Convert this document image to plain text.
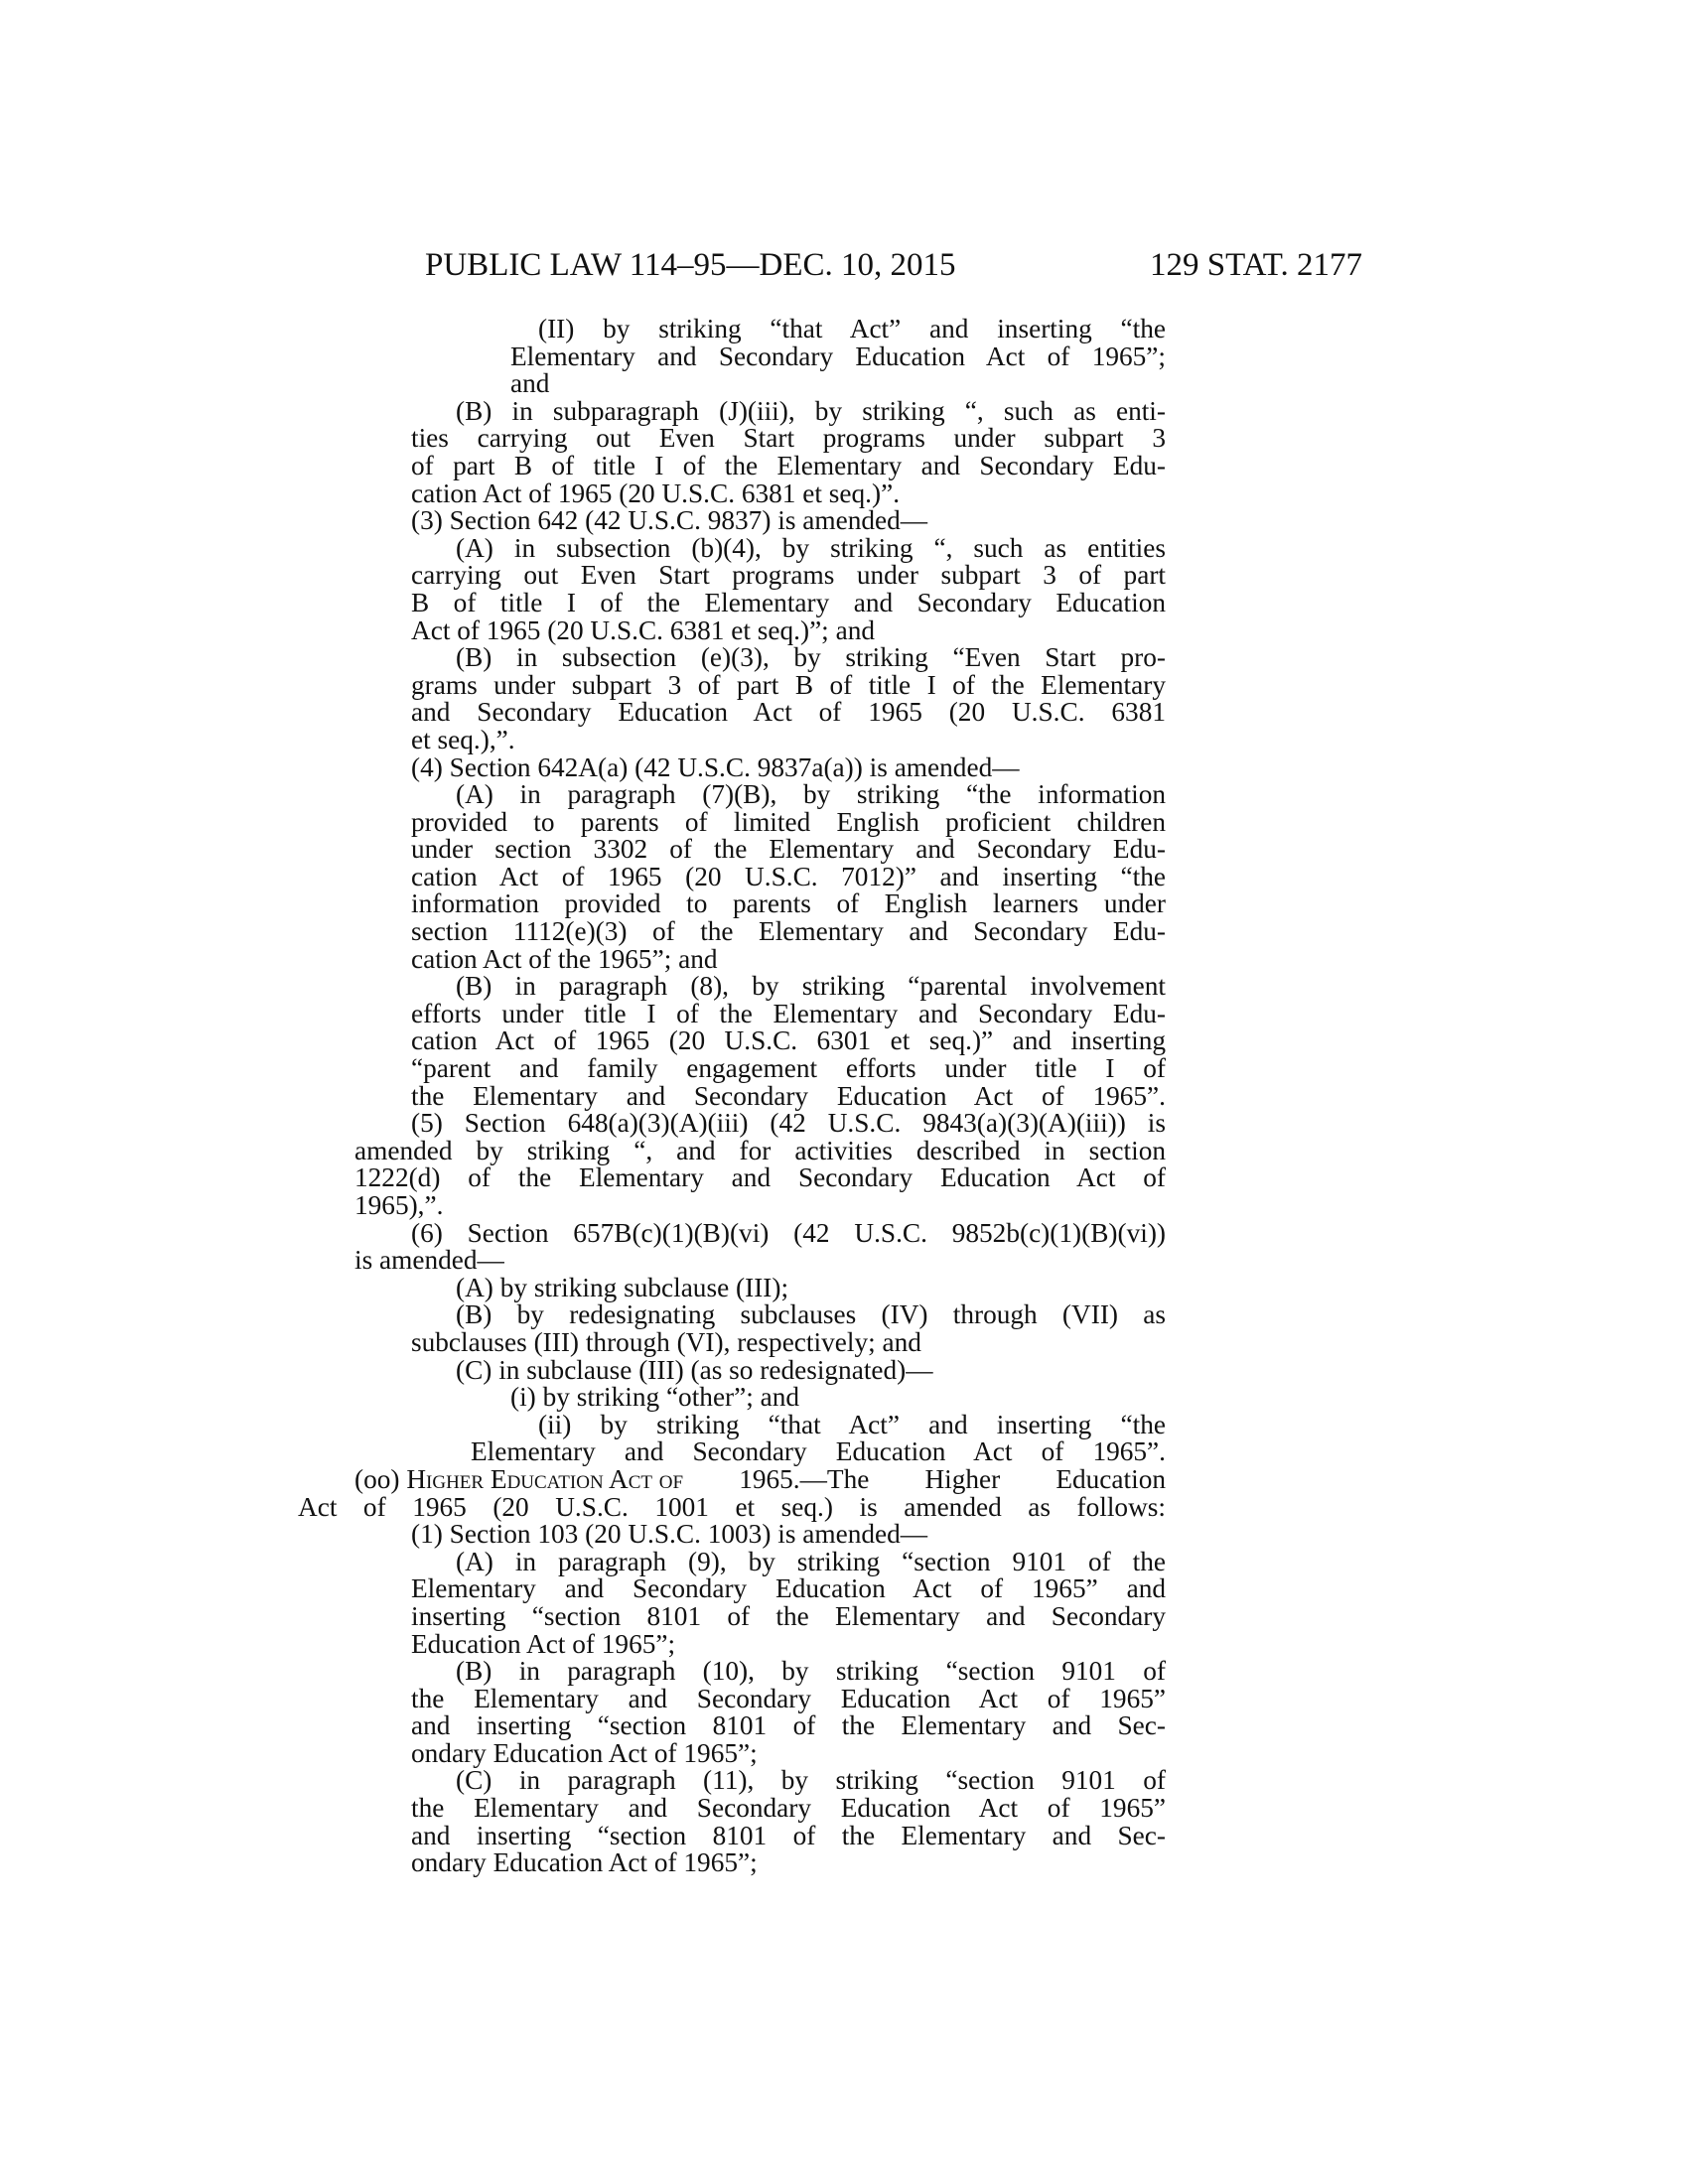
PUBLIC LAW 114–95—DEC. 10, 2015	129 STAT. 2177
(II) by striking “that Act” and inserting “the
Elementary and Secondary Education Act of 1965”;
and
(B) in subparagraph (J)(iii), by striking “, such as enti-
ties carrying out Even Start programs under subpart 3
of part B of title I of the Elementary and Secondary Edu-
cation Act of 1965 (20 U.S.C. 6381 et seq.)”.
(3) Section 642 (42 U.S.C. 9837) is amended—
(A) in subsection (b)(4), by striking “, such as entities
carrying out Even Start programs under subpart 3 of part
B of title I of the Elementary and Secondary Education
Act of 1965 (20 U.S.C. 6381 et seq.)”; and
(B) in subsection (e)(3), by striking “Even Start pro-
grams under subpart 3 of part B of title I of the Elementary
and Secondary Education Act of 1965 (20 U.S.C. 6381
et seq.),”.
(4) Section 642A(a) (42 U.S.C. 9837a(a)) is amended—
(A) in paragraph (7)(B), by striking “the information
provided to parents of limited English proficient children
under section 3302 of the Elementary and Secondary Edu-
cation Act of 1965 (20 U.S.C. 7012)” and inserting “the
information provided to parents of English learners under
section 1112(e)(3) of the Elementary and Secondary Edu-
cation Act of the 1965”; and
(B) in paragraph (8), by striking “parental involvement
efforts under title I of the Elementary and Secondary Edu-
cation Act of 1965 (20 U.S.C. 6301 et seq.)” and inserting
“parent and family engagement efforts under title I of
the Elementary and Secondary Education Act of 1965”.
(5) Section 648(a)(3)(A)(iii) (42 U.S.C. 9843(a)(3)(A)(iii)) is
amended by striking “, and for activities described in section
1222(d) of the Elementary and Secondary Education Act of
1965),”.
(6) Section 657B(c)(1)(B)(vi) (42 U.S.C. 9852b(c)(1)(B)(vi))
is amended—
(A) by striking subclause (III);
(B) by redesignating subclauses (IV) through (VII) as
subclauses (III) through (VI), respectively; and
(C) in subclause (III) (as so redesignated)—
(i) by striking “other”; and
(ii) by striking “that Act” and inserting “the
Elementary and Secondary Education Act of 1965”.
(oo) Higher Education Act of 1965.—The Higher Education
Act of 1965 (20 U.S.C. 1001 et seq.) is amended as follows:
(1) Section 103 (20 U.S.C. 1003) is amended—
(A) in paragraph (9), by striking “section 9101 of the
Elementary and Secondary Education Act of 1965” and
inserting “section 8101 of the Elementary and Secondary
Education Act of 1965”;
(B) in paragraph (10), by striking “section 9101 of
the Elementary and Secondary Education Act of 1965”
and inserting “section 8101 of the Elementary and Sec-
ondary Education Act of 1965”;
(C) in paragraph (11), by striking “section 9101 of
the Elementary and Secondary Education Act of 1965”
and inserting “section 8101 of the Elementary and Sec-
ondary Education Act of 1965”;
